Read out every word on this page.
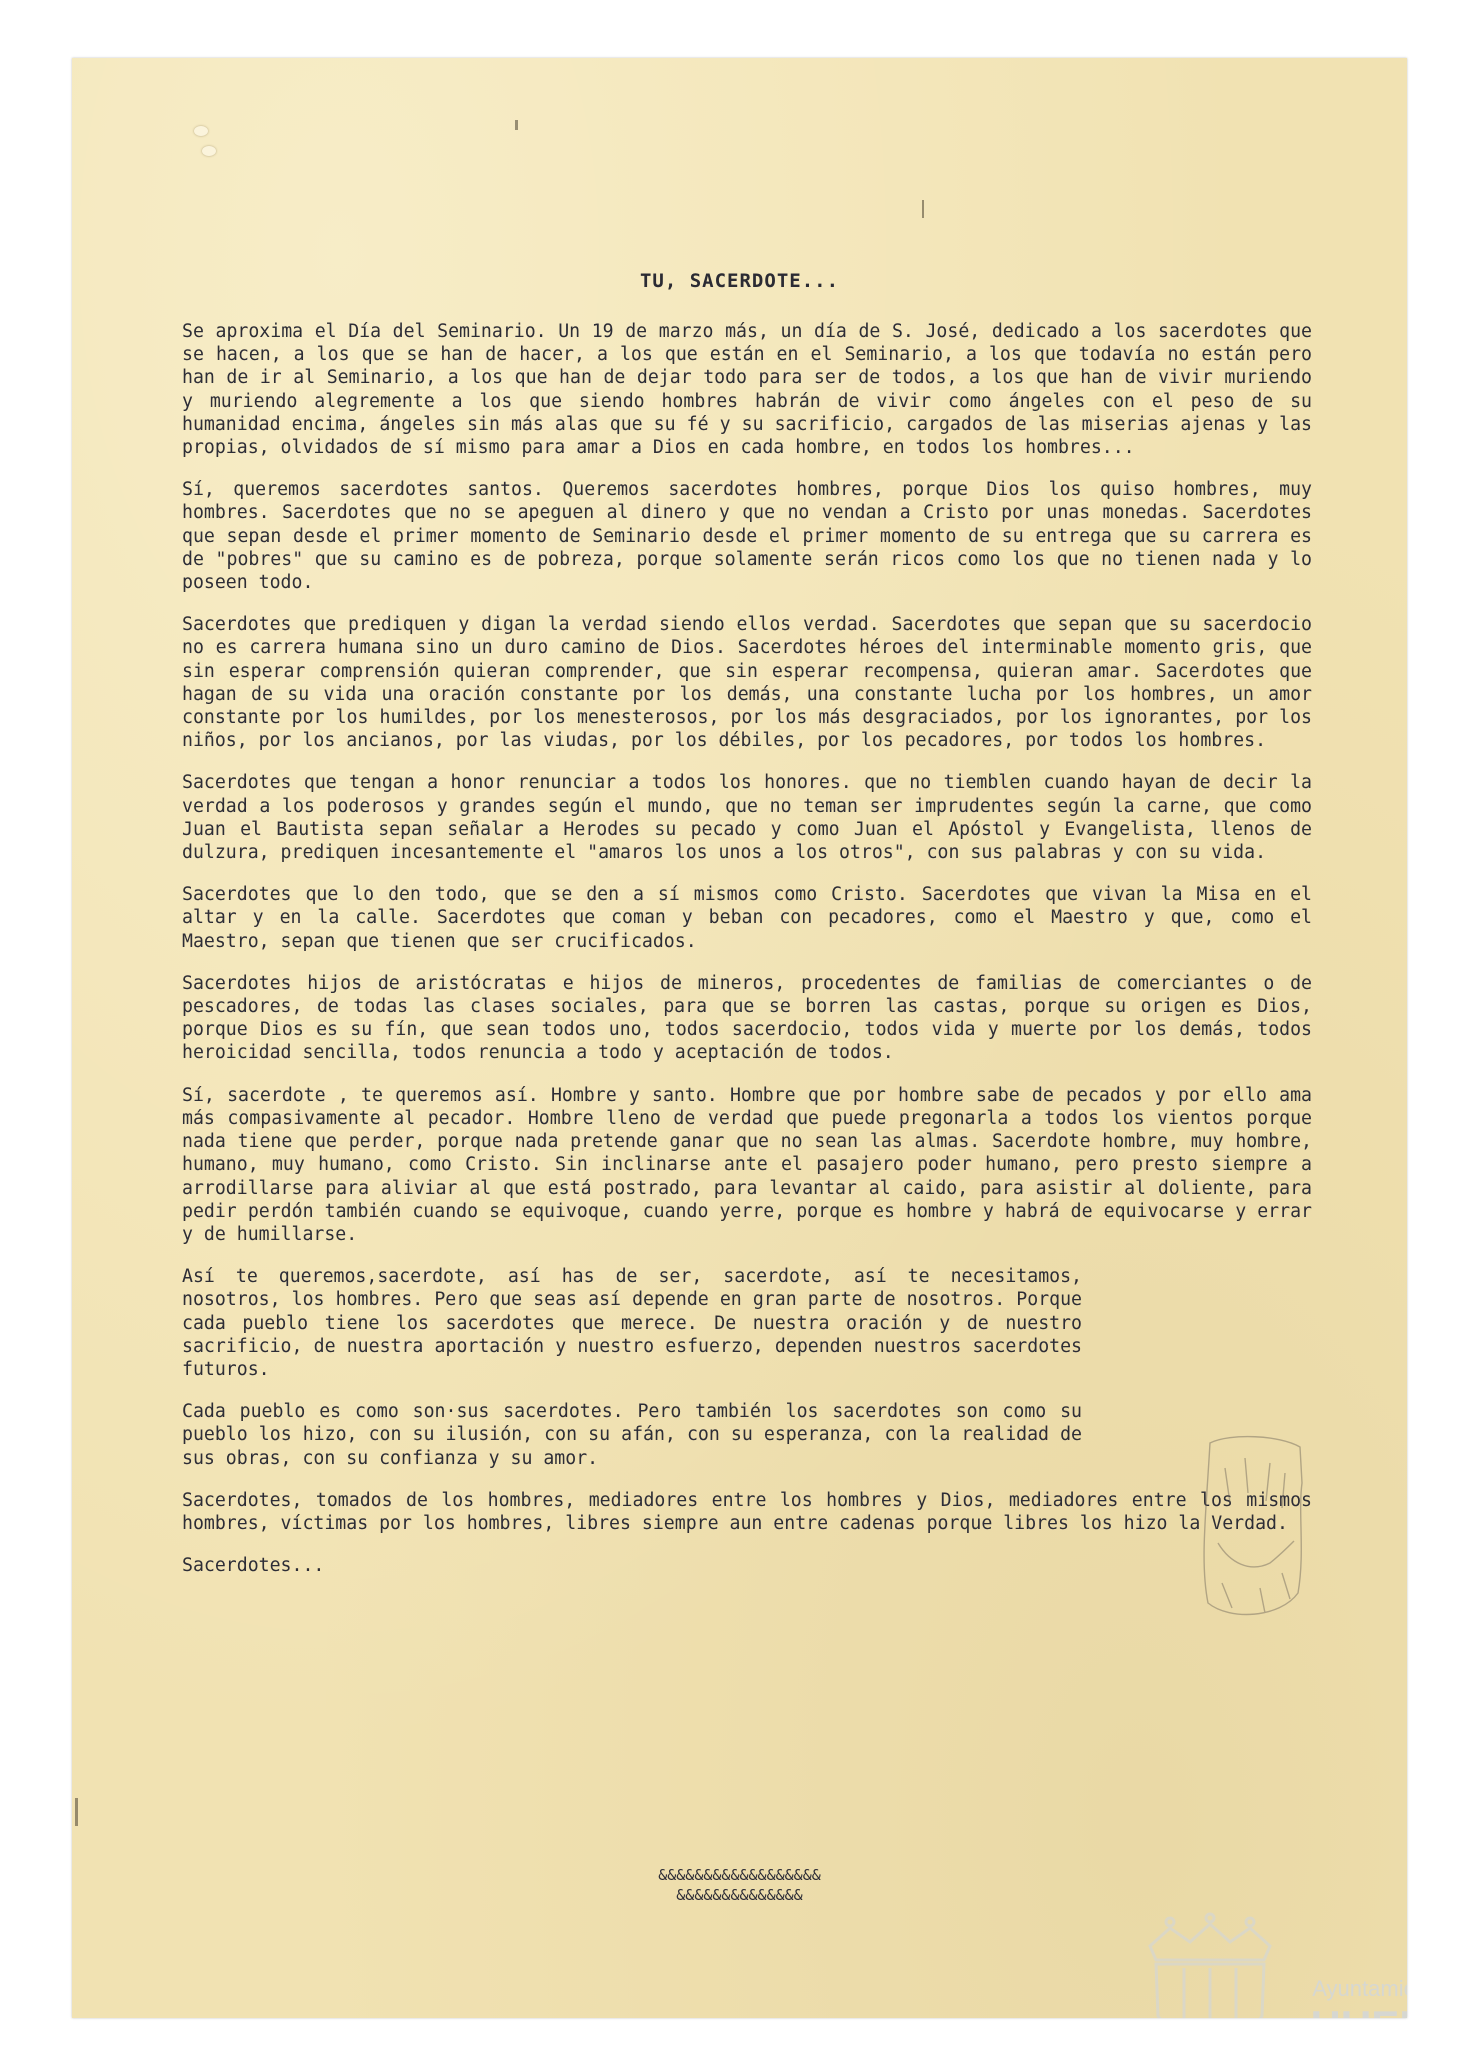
TU, SACERDOTE...

Se aproxima el Día del Seminario. Un 19 de marzo más, un día de S. José, dedicado a los sacerdotes que se hacen, a los que se han de hacer, a los que están en el Seminario, a los que todavía no están pero han de ir al Seminario, a los que han de dejar todo para ser de todos, a los que han de vivir muriendo y muriendo alegremente a los que siendo hombres habrán de vivir como ángeles con el peso de su humanidad encima, ángeles sin más alas que su fé y su sacrificio, cargados de las miserias ajenas y las propias, olvidados de sí mismo para amar a Dios en cada hombre, en todos los hombres...

Sí, queremos sacerdotes santos. Queremos sacerdotes hombres, porque Dios los quiso hombres, muy hombres. Sacerdotes que no se apeguen al dinero y que no vendan a Cristo por unas monedas. Sacerdotes que sepan desde el primer momento de Seminario desde el primer momento de su entrega que su carrera es de "pobres" que su camino es de pobreza, porque solamente serán ricos como los que no tienen nada y lo poseen todo.

Sacerdotes que prediquen y digan la verdad siendo ellos verdad. Sacerdotes que sepan que su sacerdocio no es carrera humana sino un duro camino de Dios. Sacerdotes héroes del interminable momento gris, que sin esperar comprensión quieran comprender, que sin esperar recompensa, quieran amar. Sacerdotes que hagan de su vida una oración constante por los demás, una constante lucha por los hombres, un amor constante por los humildes, por los menesterosos, por los más desgraciados, por los ignorantes, por los niños, por los ancianos, por las viudas, por los débiles, por los pecadores, por todos los hombres.

Sacerdotes que tengan a honor renunciar a todos los honores. que no tiemblen cuando hayan de decir la verdad a los poderosos y grandes según el mundo, que no teman ser imprudentes según la carne, que como Juan el Bautista sepan señalar a Herodes su pecado y como Juan el Apóstol y Evangelista, llenos de dulzura, prediquen incesantemente el "amaros los unos a los otros", con sus palabras y con su vida.

Sacerdotes que lo den todo, que se den a sí mismos como Cristo. Sacerdotes que vivan la Misa en el altar y en la calle. Sacerdotes que coman y beban con pecadores, como el Maestro y que, como el Maestro, sepan que tienen que ser crucificados.

Sacerdotes hijos de aristócratas e hijos de mineros, procedentes de familias de comerciantes o de pescadores, de todas las clases sociales, para que se borren las castas, porque su origen es Dios, porque Dios es su fín, que sean todos uno, todos sacerdocio, todos vida y muerte por los demás, todos heroicidad sencilla, todos renuncia a todo y aceptación de todos.

Sí, sacerdote , te queremos así. Hombre y santo. Hombre que por hombre sabe de pecados y por ello ama más compasivamente al pecador. Hombre lleno de verdad que puede pregonarla a todos los vientos porque nada tiene que perder, porque nada pretende ganar que no sean las almas. Sacerdote hombre, muy hombre, humano, muy humano, como Cristo. Sin inclinarse ante el pasajero poder humano, pero presto siempre a arrodillarse para aliviar al que está postrado, para levantar al caido, para asistir al doliente, para pedir perdón también cuando se equivoque, cuando yerre, porque es hombre y habrá de equivocarse y errar y de humillarse.

Así te queremos,sacerdote, así has de ser, sacerdote, así te necesitamos, nosotros, los hombres. Pero que seas así depende en gran parte de nosotros. Porque cada pueblo tiene los sacerdotes que merece. De nuestra oración y de nuestro sacrificio, de nuestra aportación y nuestro esfuerzo, dependen nuestros sacerdotes futuros.

Cada pueblo es como son·sus sacerdotes. Pero también los sacerdotes son como su pueblo los hizo, con su ilusión, con su afán, con su esperanza, con la realidad de sus obras, con su confianza y su amor.

Sacerdotes, tomados de los hombres, mediadores entre los hombres y Dios, mediadores entre los mismos hombres, víctimas por los hombres, libres siempre aun entre cadenas porque libres los hizo la Verdad.

Sacerdotes...

&&&&&&&&&&&&&&&&&&
&&&&&&&&&&&&&&
Ayuntamiento de
HUELVA
